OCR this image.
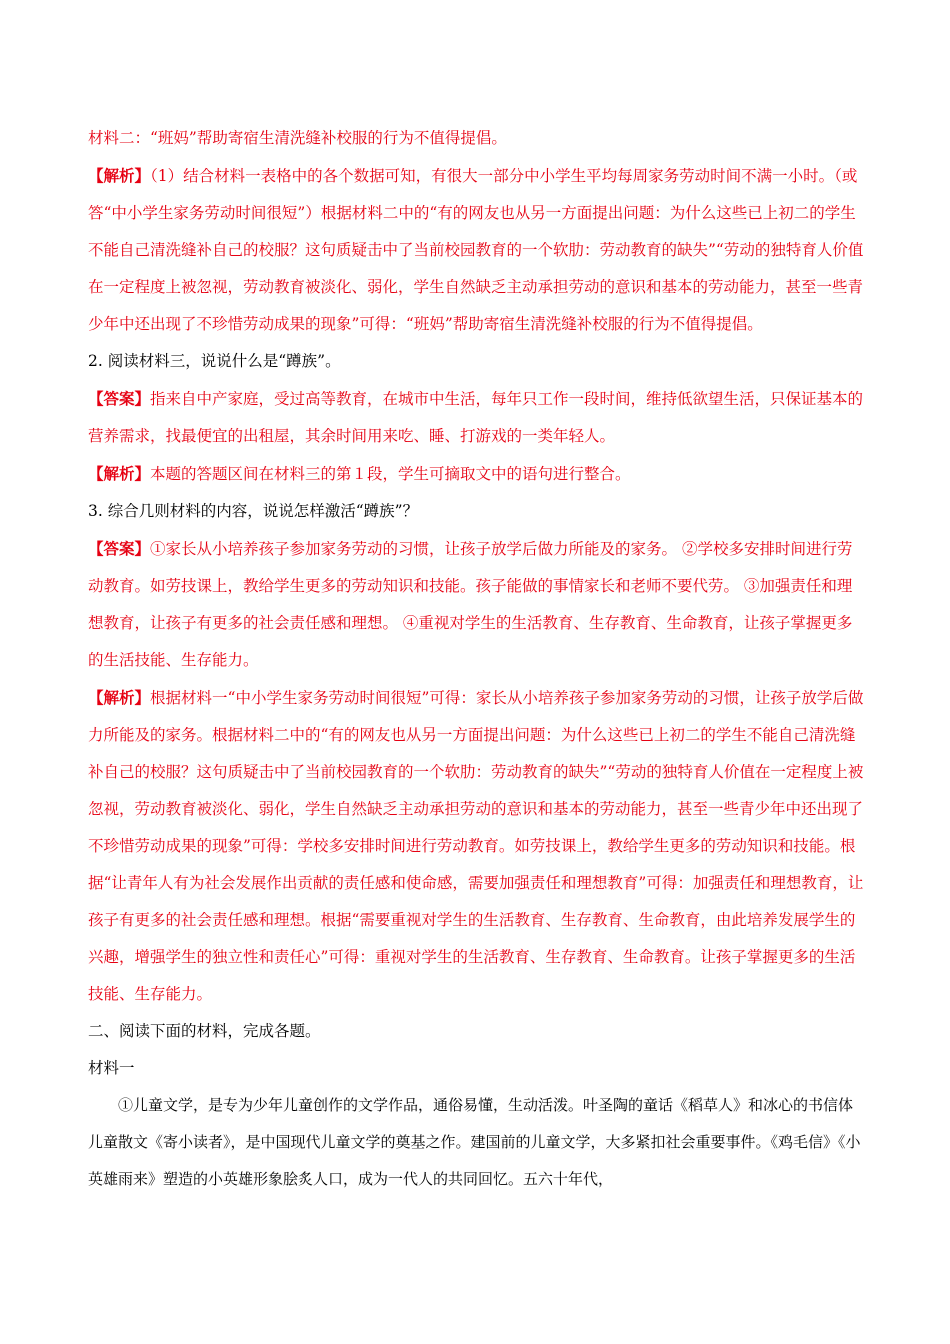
材料二：“班妈”帮助寄宿生清洗缝补校服的行为不值得提倡。

【解析】（1）结合材料一表格中的各个数据可知，有很大一部分中小学生平均每周家务劳动时间不满一小时。（或答“中小学生家务劳动时间很短”）根据材料二中的“有的网友也从另一方面提出问题：为什么这些已上初二的学生不能自己清洗缝补自己的校服？这句质疑击中了当前校园教育的一个软肋：劳动教育的缺失”“劳动的独特育人价值在一定程度上被忽视，劳动教育被淡化、弱化，学生自然缺乏主动承担劳动的意识和基本的劳动能力，甚至一些青少年中还出现了不珍惜劳动成果的现象”可得：“班妈”帮助寄宿生清洗缝补校服的行为不值得提倡。

2. 阅读材料三，说说什么是“蹲族”。

【答案】指来自中产家庭，受过高等教育，在城市中生活，每年只工作一段时间，维持低欲望生活，只保证基本的营养需求，找最便宜的出租屋，其余时间用来吃、睡、打游戏的一类年轻人。

【解析】本题的答题区间在材料三的第１段，学生可摘取文中的语句进行整合。

3. 综合几则材料的内容，说说怎样激活“蹲族”？

【答案】①家长从小培养孩子参加家务劳动的习惯，让孩子放学后做力所能及的家务。 ②学校多安排时间进行劳动教育。如劳技课上，教给学生更多的劳动知识和技能。孩子能做的事情家长和老师不要代劳。 ③加强责任和理想教育，让孩子有更多的社会责任感和理想。 ④重视对学生的生活教育、生存教育、生命教育，让孩子掌握更多的生活技能、生存能力。

【解析】根据材料一“中小学生家务劳动时间很短”可得：家长从小培养孩子参加家务劳动的习惯，让孩子放学后做力所能及的家务。根据材料二中的“有的网友也从另一方面提出问题：为什么这些已上初二的学生不能自己清洗缝补自己的校服？这句质疑击中了当前校园教育的一个软肋：劳动教育的缺失”“劳动的独特育人价值在一定程度上被忽视，劳动教育被淡化、弱化，学生自然缺乏主动承担劳动的意识和基本的劳动能力，甚至一些青少年中还出现了不珍惜劳动成果的现象”可得：学校多安排时间进行劳动教育。如劳技课上，教给学生更多的劳动知识和技能。根据“让青年人有为社会发展作出贡献的责任感和使命感，需要加强责任和理想教育”可得：加强责任和理想教育，让孩子有更多的社会责任感和理想。根据“需要重视对学生的生活教育、生存教育、生命教育，由此培养发展学生的兴趣，增强学生的独立性和责任心”可得：重视对学生的生活教育、生存教育、生命教育。让孩子掌握更多的生活技能、生存能力。

二、阅读下面的材料，完成各题。

材料一

①儿童文学，是专为少年儿童创作的文学作品，通俗易懂，生动活泼。叶圣陶的童话《稻草人》和冰心的书信体儿童散文《寄小读者》，是中国现代儿童文学的奠基之作。建国前的儿童文学，大多紧扣社会重要事件。《鸡毛信》《小英雄雨来》塑造的小英雄形象脍炙人口，成为一代人的共同回忆。五六十年代，
